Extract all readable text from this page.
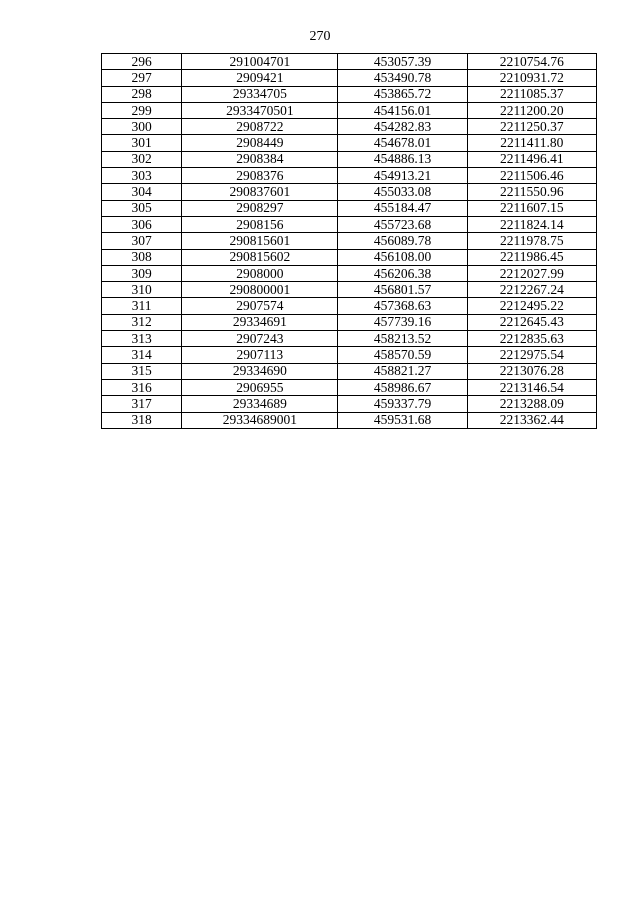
270
296	291004701	453057.39	2210754.76
297	2909421	453490.78	2210931.72
298	29334705	453865.72	2211085.37
299	2933470501	454156.01	2211200.20
300	2908722	454282.83	2211250.37
301	2908449	454678.01	2211411.80
302	2908384	454886.13	2211496.41
303	2908376	454913.21	2211506.46
304	290837601	455033.08	2211550.96
305	2908297	455184.47	2211607.15
306	2908156	455723.68	2211824.14
307	290815601	456089.78	2211978.75
308	290815602	456108.00	2211986.45
309	2908000	456206.38	2212027.99
310	290800001	456801.57	2212267.24
311	2907574	457368.63	2212495.22
312	29334691	457739.16	2212645.43
313	2907243	458213.52	2212835.63
314	2907113	458570.59	2212975.54
315	29334690	458821.27	2213076.28
316	2906955	458986.67	2213146.54
317	29334689	459337.79	2213288.09
318	29334689001	459531.68	2213362.44
